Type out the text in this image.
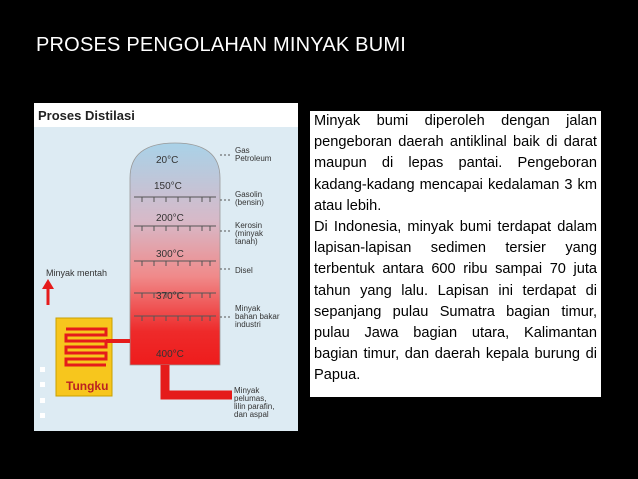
PROSES PENGOLAHAN MINYAK BUMI
Proses Distilasi
20°C
150°C
200°C
300°C
370°C
400°C
Gas Petroleum
Gasolin (bensin)
Kerosin (minyak tanah)
Disel
Minyak bahan bakar industri
Minyak pelumas, lilin parafin, dan aspal
Minyak mentah
Tungku

Minyak bumi diperoleh dengan jalan pengeboran daerah antiklinal baik di darat maupun di lepas pantai. Pengeboran kadang-kadang mencapai kedalaman 3 km atau lebih.

Di Indonesia, minyak bumi terdapat dalam lapisan-lapisan sedimen tersier yang terbentuk antara 600 ribu sampai 70 juta tahun yang lalu. Lapisan ini terdapat di sepanjang pulau Sumatra bagian timur, pulau Jawa bagian utara, Kalimantan bagian timur, dan daerah kepala burung di Papua.
